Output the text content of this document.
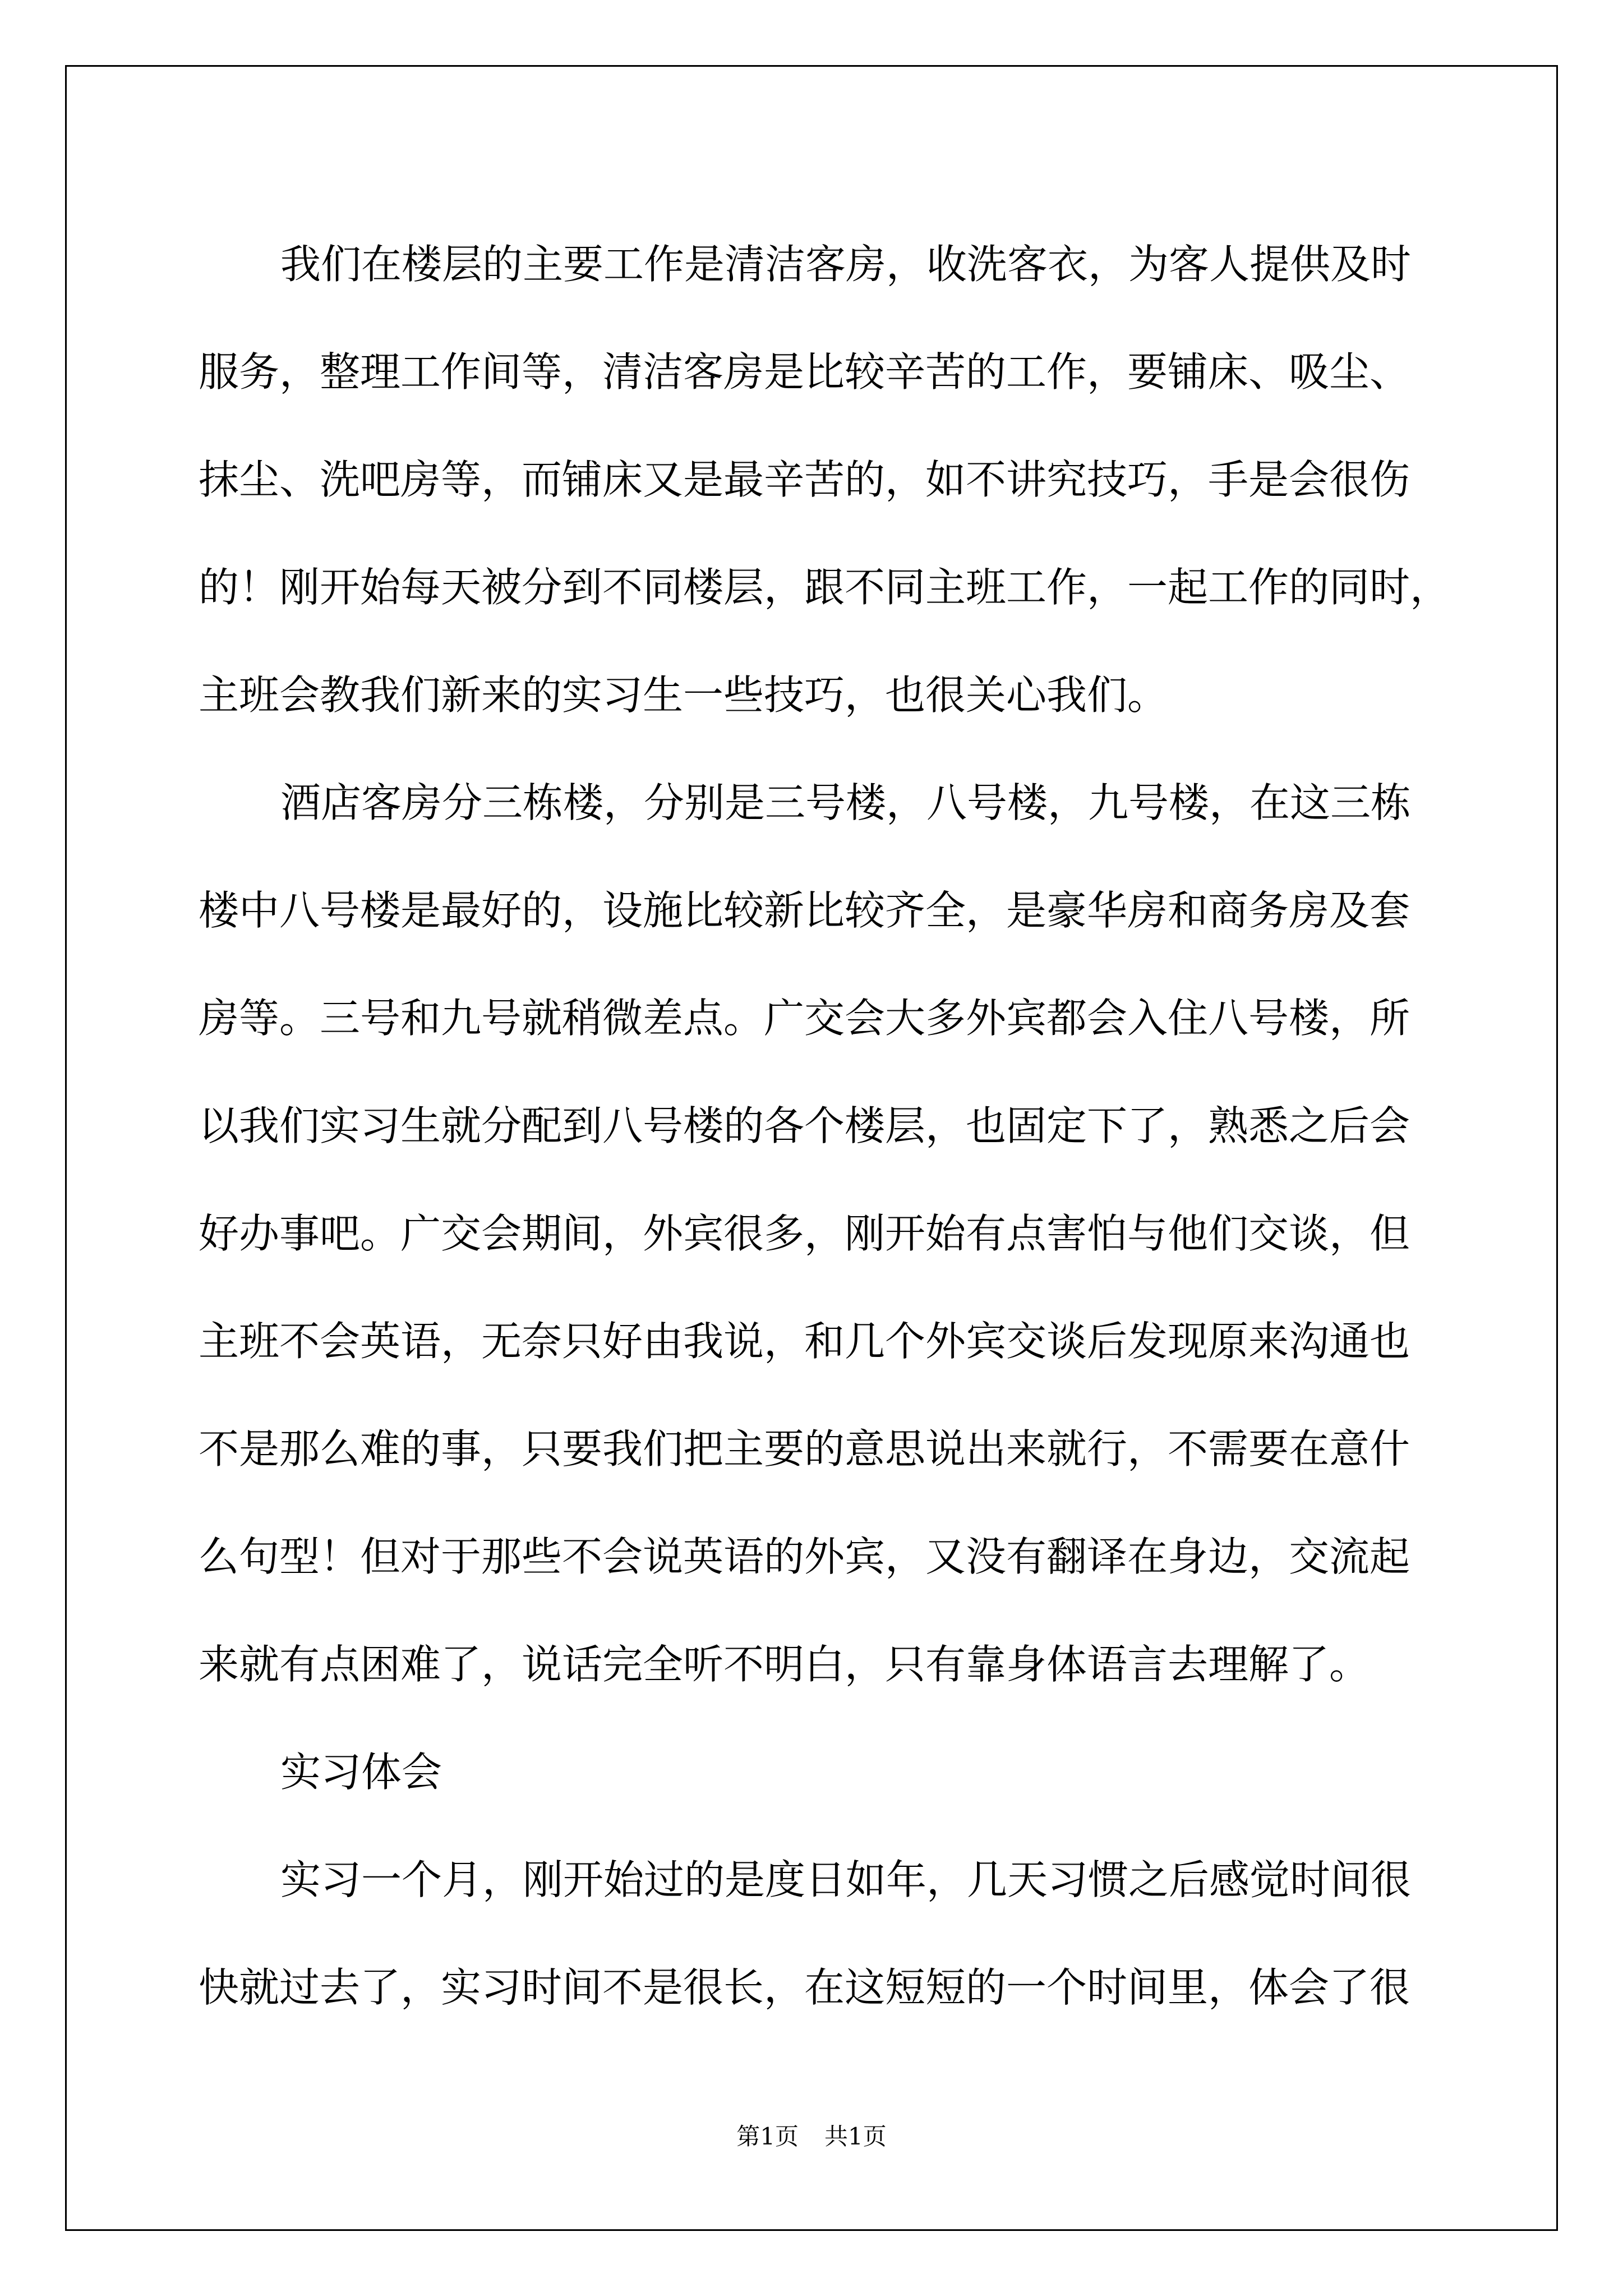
我们在楼层的主要工作是清洁客房，收洗客衣，为客人提供及时
服务，整理工作间等，清洁客房是比较辛苦的工作，要铺床、吸尘、
抹尘、洗吧房等，而铺床又是最辛苦的，如不讲究技巧，手是会很伤
的！刚开始每天被分到不同楼层，跟不同主班工作，一起工作的同时，
主班会教我们新来的实习生一些技巧，也很关心我们。
酒店客房分三栋楼，分别是三号楼，八号楼，九号楼，在这三栋
楼中八号楼是最好的，设施比较新比较齐全，是豪华房和商务房及套
房等。三号和九号就稍微差点。广交会大多外宾都会入住八号楼，所
以我们实习生就分配到八号楼的各个楼层，也固定下了，熟悉之后会
好办事吧。广交会期间，外宾很多，刚开始有点害怕与他们交谈，但
主班不会英语，无奈只好由我说，和几个外宾交谈后发现原来沟通也
不是那么难的事，只要我们把主要的意思说出来就行，不需要在意什
么句型！但对于那些不会说英语的外宾，又没有翻译在身边，交流起
来就有点困难了，说话完全听不明白，只有靠身体语言去理解了。
实习体会
实习一个月，刚开始过的是度日如年，几天习惯之后感觉时间很
快就过去了，实习时间不是很长，在这短短的一个时间里，体会了很
第1页 共1页
